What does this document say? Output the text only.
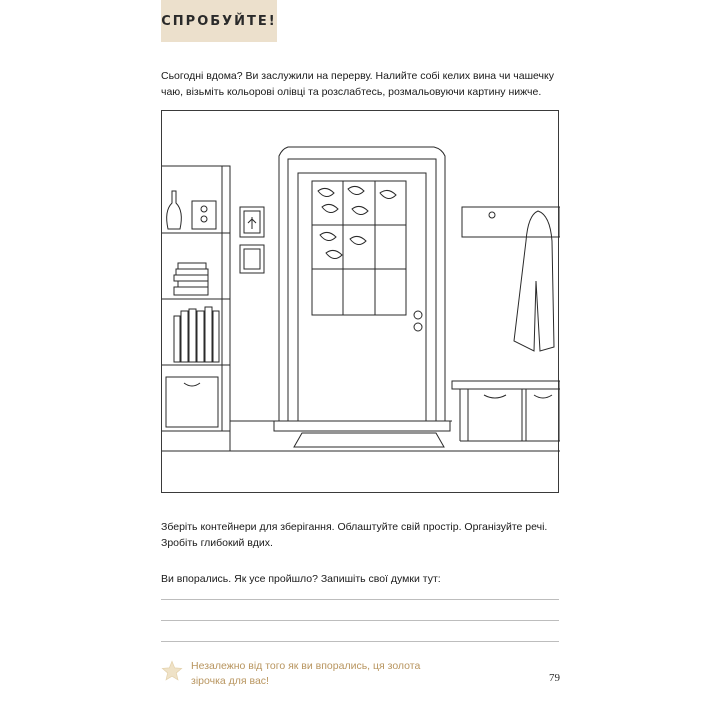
СПРОБУЙТЕ!
Сьогодні вдома? Ви заслужили на перерву. Налийте собі келих вина чи чашечку чаю, візьміть кольорові олівці та розслабтесь, розмальовуючи картину нижче.
Зберіть контейнери для зберігання. Облаштуйте свій простір. Організуйте речі. Зробіть глибокий вдих.
Ви впорались. Як усе пройшло? Запишіть свої думки тут:
Незалежно від того як ви впорались, ця золота зірочка для вас!	79
